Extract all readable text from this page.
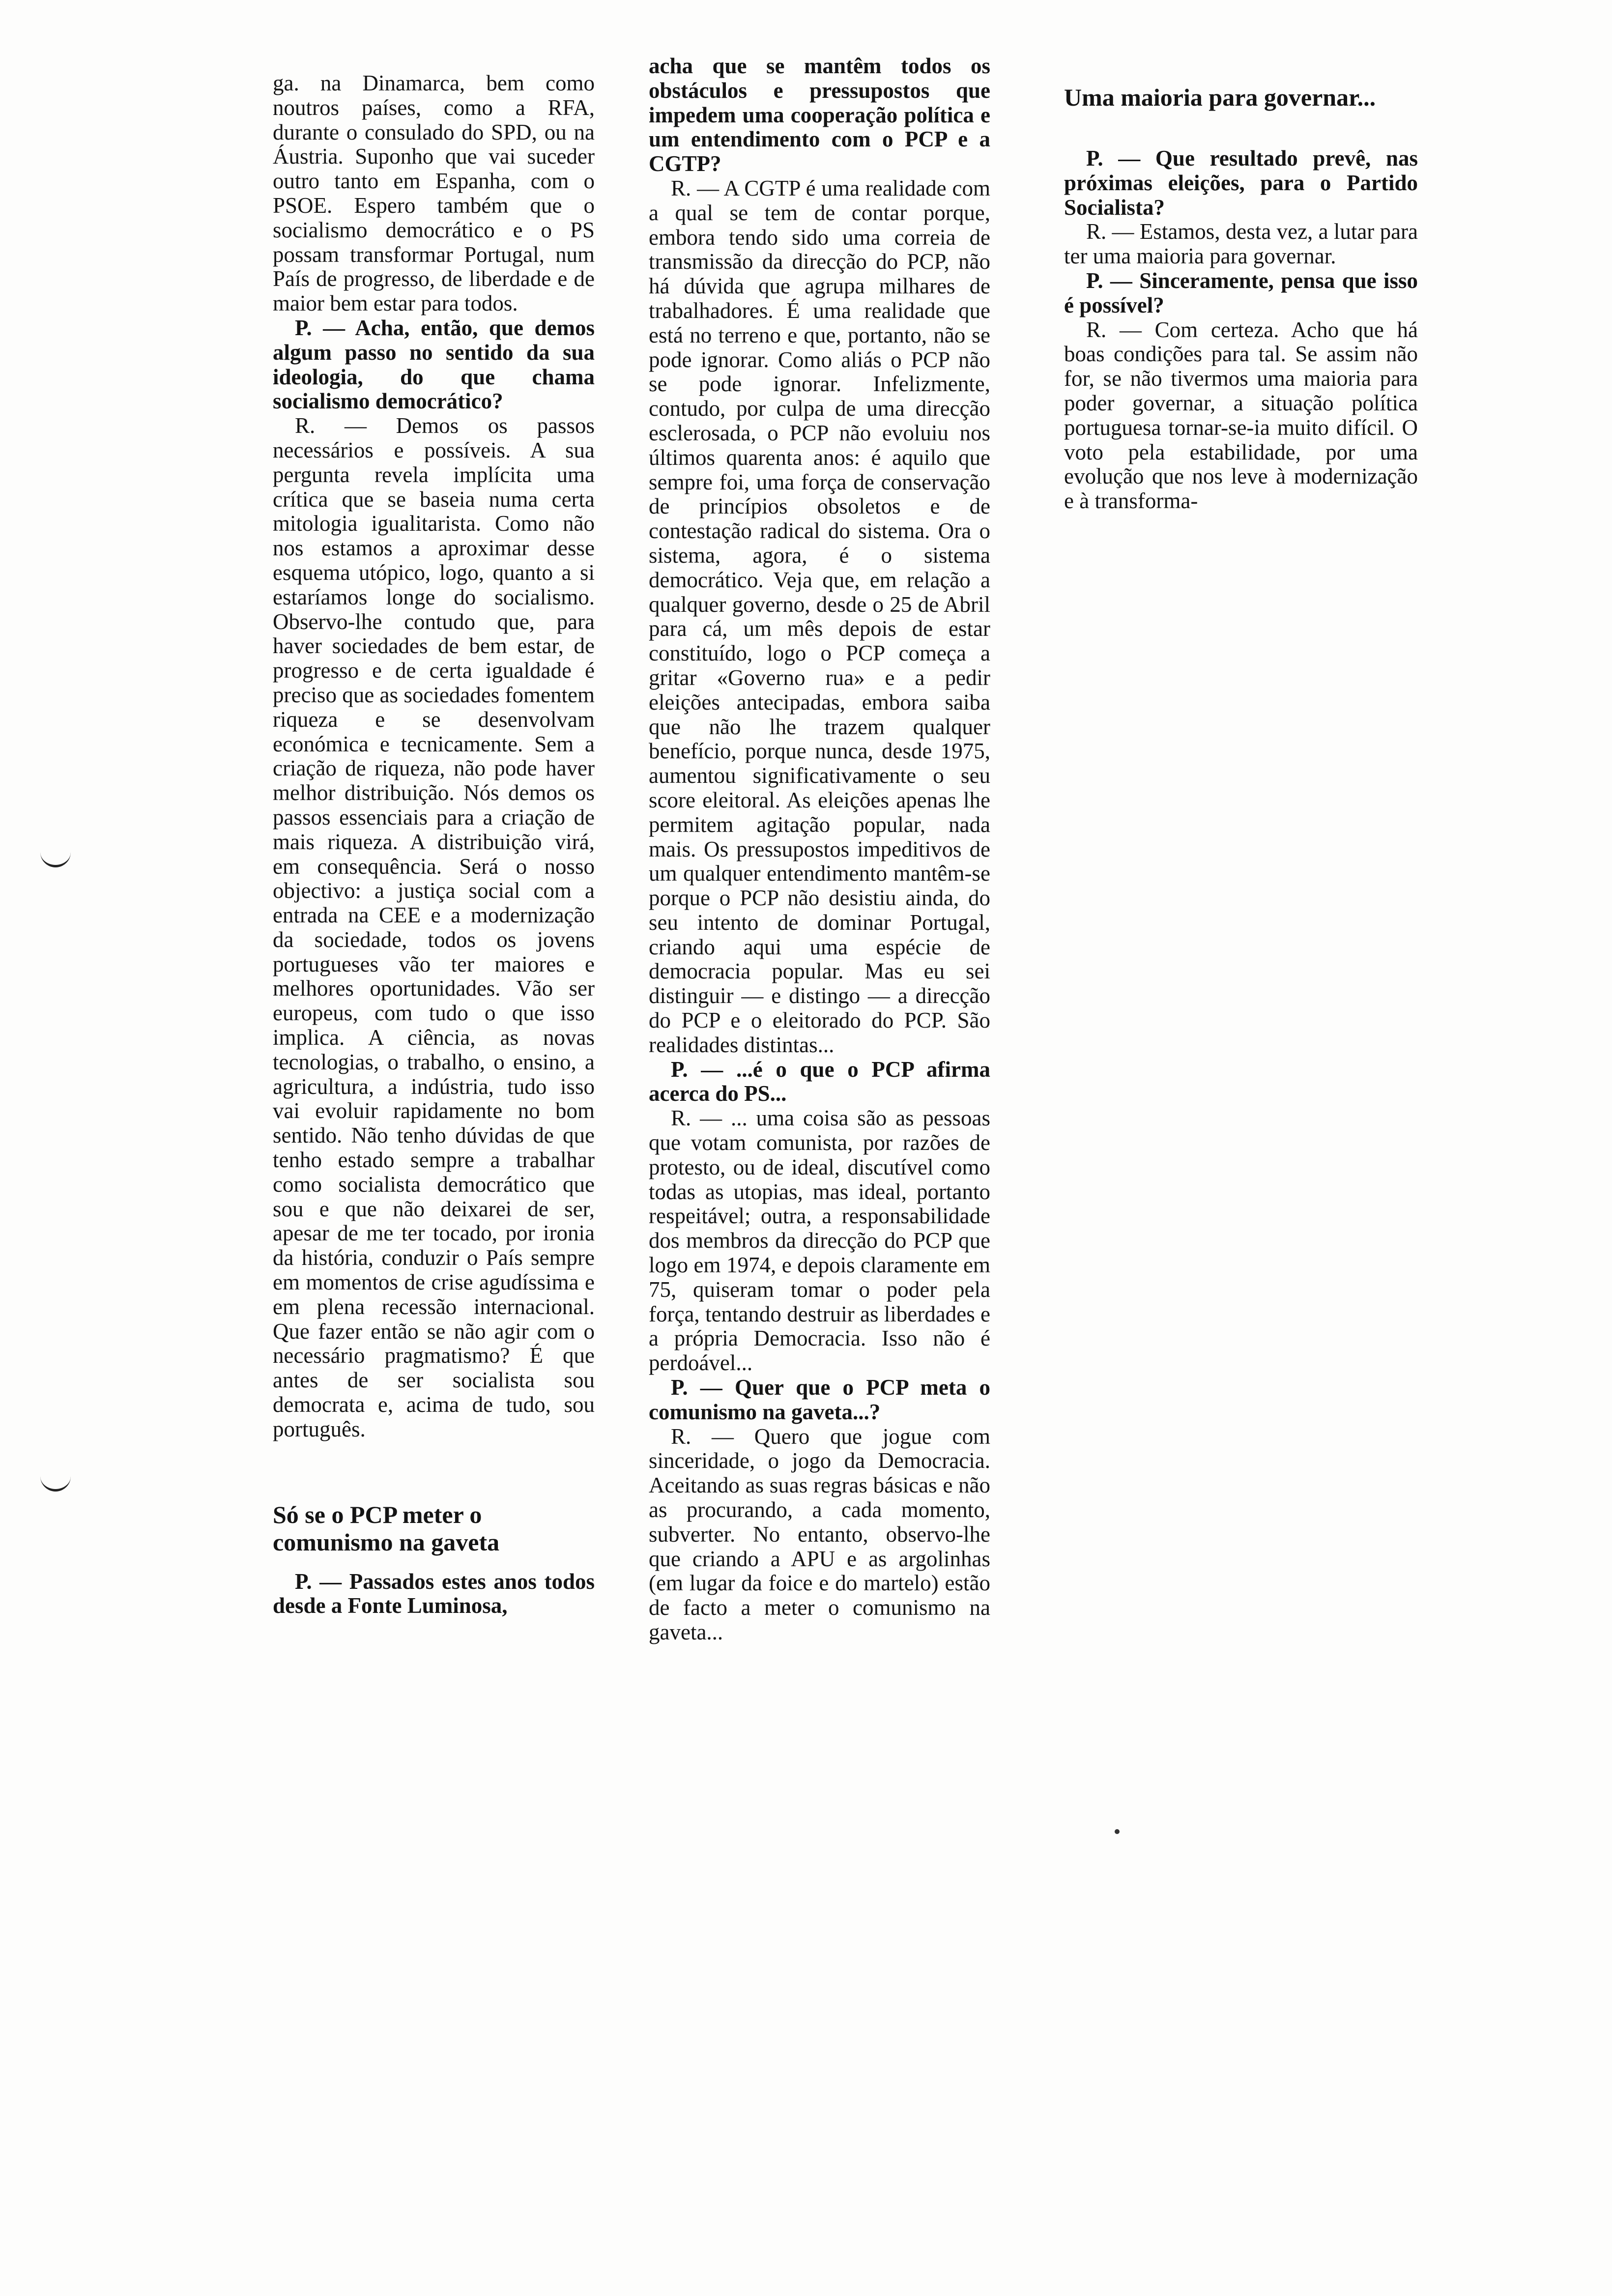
ga. na Dinamarca, bem como noutros países, como a RFA, durante o consulado do SPD, ou na Áustria. Suponho que vai suceder outro tanto em Espanha, com o PSOE. Espero também que o socialismo democrático e o PS possam transformar Portugal, num País de progresso, de liberdade e de maior bem estar para todos.

P. — Acha, então, que demos algum passo no sentido da sua ideologia, do que chama socialismo democrático?

R. — Demos os passos necessários e possíveis. A sua pergunta revela implícita uma crítica que se baseia numa certa mitologia igualitarista. Como não nos estamos a aproximar desse esquema utópico, logo, quanto a si estaríamos longe do socialismo. Observo-lhe contudo que, para haver sociedades de bem estar, de progresso e de certa igualdade é preciso que as sociedades fomentem riqueza e se desenvolvam económica e tecnicamente. Sem a criação de riqueza, não pode haver melhor distribuição. Nós demos os passos essenciais para a criação de mais riqueza. A distribuição virá, em consequência. Será o nosso objectivo: a justiça social com a entrada na CEE e a modernização da sociedade, todos os jovens portugueses vão ter maiores e melhores oportunidades. Vão ser europeus, com tudo o que isso implica. A ciência, as novas tecnologias, o trabalho, o ensino, a agricultura, a indústria, tudo isso vai evoluir rapidamente no bom sentido. Não tenho dúvidas de que tenho estado sempre a trabalhar como socialista democrático que sou e que não deixarei de ser, apesar de me ter tocado, por ironia da história, conduzir o País sempre em momentos de crise agudíssima e em plena recessão internacional. Que fazer então se não agir com o necessário pragmatismo? É que antes de ser socialista sou democrata e, acima de tudo, sou português.

Só se o PCP meter o comunismo na gaveta

P. — Passados estes anos todos desde a Fonte Luminosa,

acha que se mantêm todos os obstáculos e pressupostos que impedem uma cooperação política e um entendimento com o PCP e a CGTP?

R. — A CGTP é uma realidade com a qual se tem de contar porque, embora tendo sido uma correia de transmissão da direcção do PCP, não há dúvida que agrupa milhares de trabalhadores. É uma realidade que está no terreno e que, portanto, não se pode ignorar. Como aliás o PCP não se pode ignorar. Infelizmente, contudo, por culpa de uma direcção esclerosada, o PCP não evoluiu nos últimos quarenta anos: é aquilo que sempre foi, uma força de conservação de princípios obsoletos e de contestação radical do sistema. Ora o sistema, agora, é o sistema democrático. Veja que, em relação a qualquer governo, desde o 25 de Abril para cá, um mês depois de estar constituído, logo o PCP começa a gritar «Governo rua» e a pedir eleições antecipadas, embora saiba que não lhe trazem qualquer benefício, porque nunca, desde 1975, aumentou significativamente o seu score eleitoral. As eleições apenas lhe permitem agitação popular, nada mais. Os pressupostos impeditivos de um qualquer entendimento mantêm-se porque o PCP não desistiu ainda, do seu intento de dominar Portugal, criando aqui uma espécie de democracia popular. Mas eu sei distinguir — e distingo — a direcção do PCP e o eleitorado do PCP. São realidades distintas...

P. — ...é o que o PCP afirma acerca do PS...

R. — ... uma coisa são as pessoas que votam comunista, por razões de protesto, ou de ideal, discutível como todas as utopias, mas ideal, portanto respeitável; outra, a responsabilidade dos membros da direcção do PCP que logo em 1974, e depois claramente em 75, quiseram tomar o poder pela força, tentando destruir as liberdades e a própria Democracia. Isso não é perdoável...

P. — Quer que o PCP meta o comunismo na gaveta...?

R. — Quero que jogue com sinceridade, o jogo da Democracia. Aceitando as suas regras básicas e não as procurando, a cada momento, subverter. No entanto, observo-lhe que criando a APU e as argolinhas (em lugar da foice e do martelo) estão de facto a meter o comunismo na gaveta...

Uma maioria para governar...

P. — Que resultado prevê, nas próximas eleições, para o Partido Socialista?

R. — Estamos, desta vez, a lutar para ter uma maioria para governar.

P. — Sinceramente, pensa que isso é possível?

R. — Com certeza. Acho que há boas condições para tal. Se assim não for, se não tivermos uma maioria para poder governar, a situação política portuguesa tornar-se-ia muito difícil. O voto pela estabilidade, por uma evolução que nos leve à modernização e à transforma-
